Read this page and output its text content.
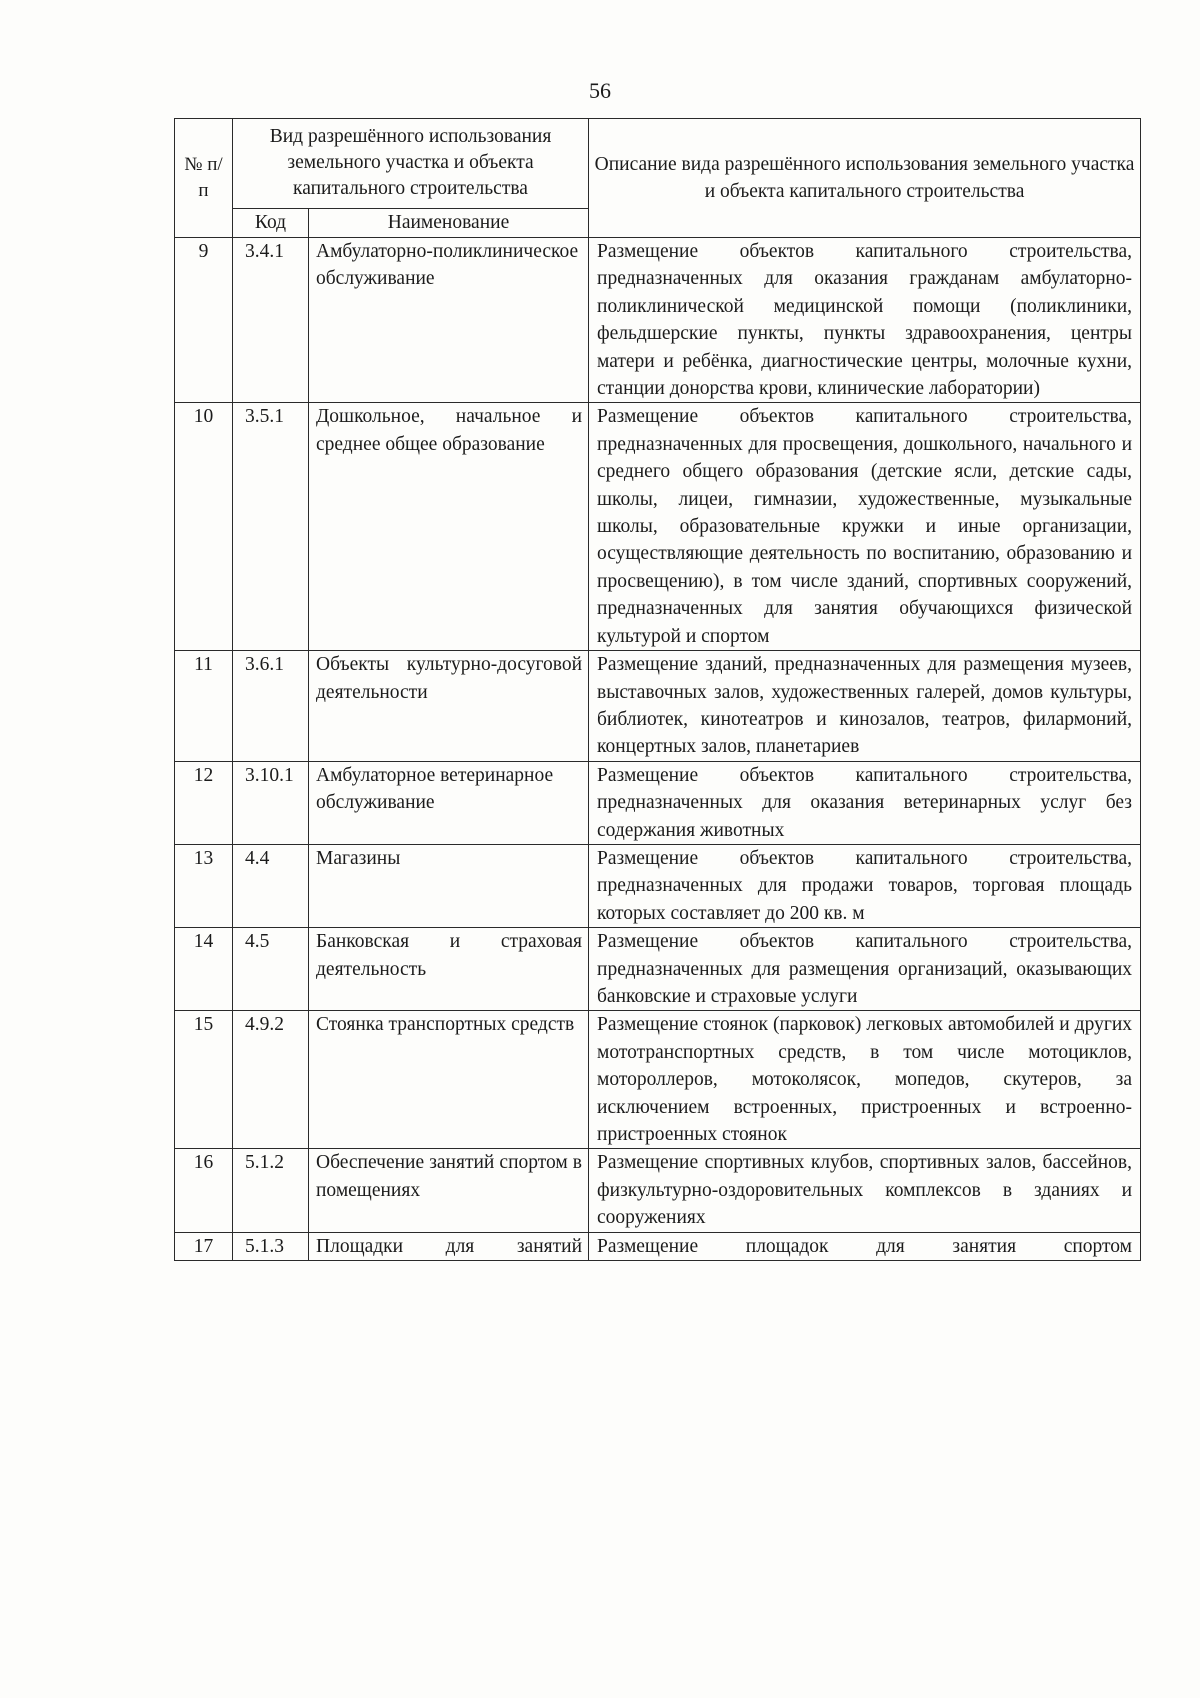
56
№ п/п	Вид разрешённого использования земельного участка и объекта капитального строительства		Описание вида разрешённого использования земельного участка и объекта капитального строительства
	Код	Наименование	
9	3.4.1	Амбулаторно-поликлиническое обслуживание	Размещение объектов капитального строительства, предназначенных для оказания гражданам амбулаторно-поликлинической медицинской помощи (поликлиники, фельдшерские пункты, пункты здравоохранения, центры матери и ребёнка, диагностические центры, молочные кухни, станции донорства крови, клинические лаборатории)
10	3.5.1	Дошкольное, начальное и среднее общее образование	Размещение объектов капитального строительства, предназначенных для просвещения, дошкольного, начального и среднего общего образования (детские ясли, детские сады, школы, лицеи, гимназии, художественные, музыкальные школы, образовательные кружки и иные организации, осуществляющие деятельность по воспитанию, образованию и просвещению), в том числе зданий, спортивных сооружений, предназначенных для занятия обучающихся физической культурой и спортом
11	3.6.1	Объекты культурно-досуговой деятельности	Размещение зданий, предназначенных для размещения музеев, выставочных залов, художественных галерей, домов культуры, библиотек, кинотеатров и кинозалов, театров, филармоний, концертных залов, планетариев
12	3.10.1	Амбулаторное ветеринарное обслуживание	Размещение объектов капитального строительства, предназначенных для оказания ветеринарных услуг без содержания животных
13	4.4	Магазины	Размещение объектов капитального строительства, предназначенных для продажи товаров, торговая площадь которых составляет до 200 кв. м
14	4.5	Банковская и страховая деятельность	Размещение объектов капитального строительства, предназначенных для размещения организаций, оказывающих банковские и страховые услуги
15	4.9.2	Стоянка транспортных средств	Размещение стоянок (парковок) легковых автомобилей и других мототранспортных средств, в том числе мотоциклов, мотороллеров, мотоколясок, мопедов, скутеров, за исключением встроенных, пристроенных и встроенно-пристроенных стоянок
16	5.1.2	Обеспечение занятий спортом в помещениях	Размещение спортивных клубов, спортивных залов, бассейнов, физкультурно-оздоровительных комплексов в зданиях и сооружениях
17	5.1.3	Площадки для занятий	Размещение площадок для занятия спортом
